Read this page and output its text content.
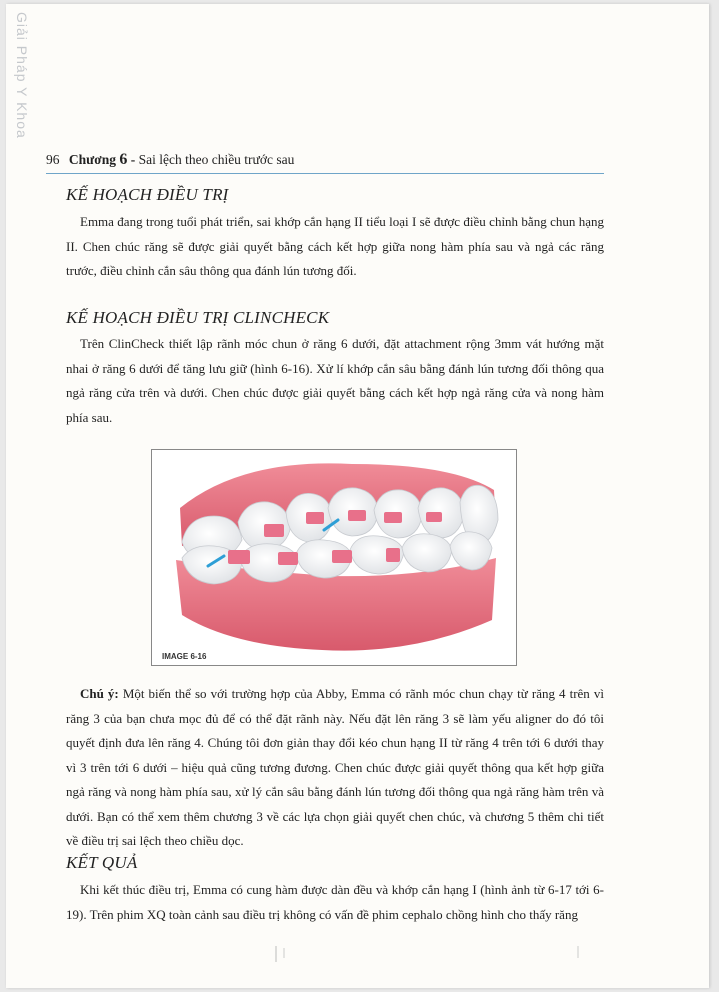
Giải Pháp Y Khoa
96 Chương 6 - Sai lệch theo chiều trước sau
KẾ HOẠCH ĐIỀU TRỊ

Emma đang trong tuổi phát triển, sai khớp cắn hạng II tiểu loại I sẽ được điều chỉnh bằng chun hạng II. Chen chúc răng sẽ được giải quyết bằng cách kết hợp giữa nong hàm phía sau và ngả các răng trước, điều chỉnh cắn sâu thông qua đánh lún tương đối.

KẾ HOẠCH ĐIỀU TRỊ CLINCHECK

Trên ClinCheck thiết lập rãnh móc chun ở răng 6 dưới, đặt attachment rộng 3mm vát hướng mặt nhai ở răng 6 dưới để tăng lưu giữ (hình 6-16). Xử lí khớp cắn sâu bằng đánh lún tương đối thông qua ngả răng cửa trên và dưới. Chen chúc được giải quyết bằng cách kết hợp ngả răng cửa và nong hàm phía sau.

IMAGE 6-16

Chú ý: Một biến thể so với trường hợp của Abby, Emma có rãnh móc chun chạy từ răng 4 trên vì răng 3 của bạn chưa mọc đủ để có thể đặt rãnh này. Nếu đặt lên răng 3 sẽ làm yếu aligner do đó tôi quyết định đưa lên răng 4. Chúng tôi đơn giản thay đổi kéo chun hạng II từ răng 4 trên tới 6 dưới thay vì 3 trên tới 6 dưới – hiệu quả cũng tương đương. Chen chúc được giải quyết thông qua kết hợp giữa ngả răng và nong hàm phía sau, xử lý cắn sâu bằng đánh lún tương đối thông qua ngả răng hàm trên và dưới. Bạn có thể xem thêm chương 3 về các lựa chọn giải quyết chen chúc, và chương 5 thêm chi tiết về điều trị sai lệch theo chiều dọc.

KẾT QUẢ

Khi kết thúc điều trị, Emma có cung hàm được dàn đều và khớp cắn hạng I (hình ảnh từ 6-17 tới 6-19). Trên phim XQ toàn cảnh sau điều trị không có vấn đề phim cephalo chồng hình cho thấy răng
